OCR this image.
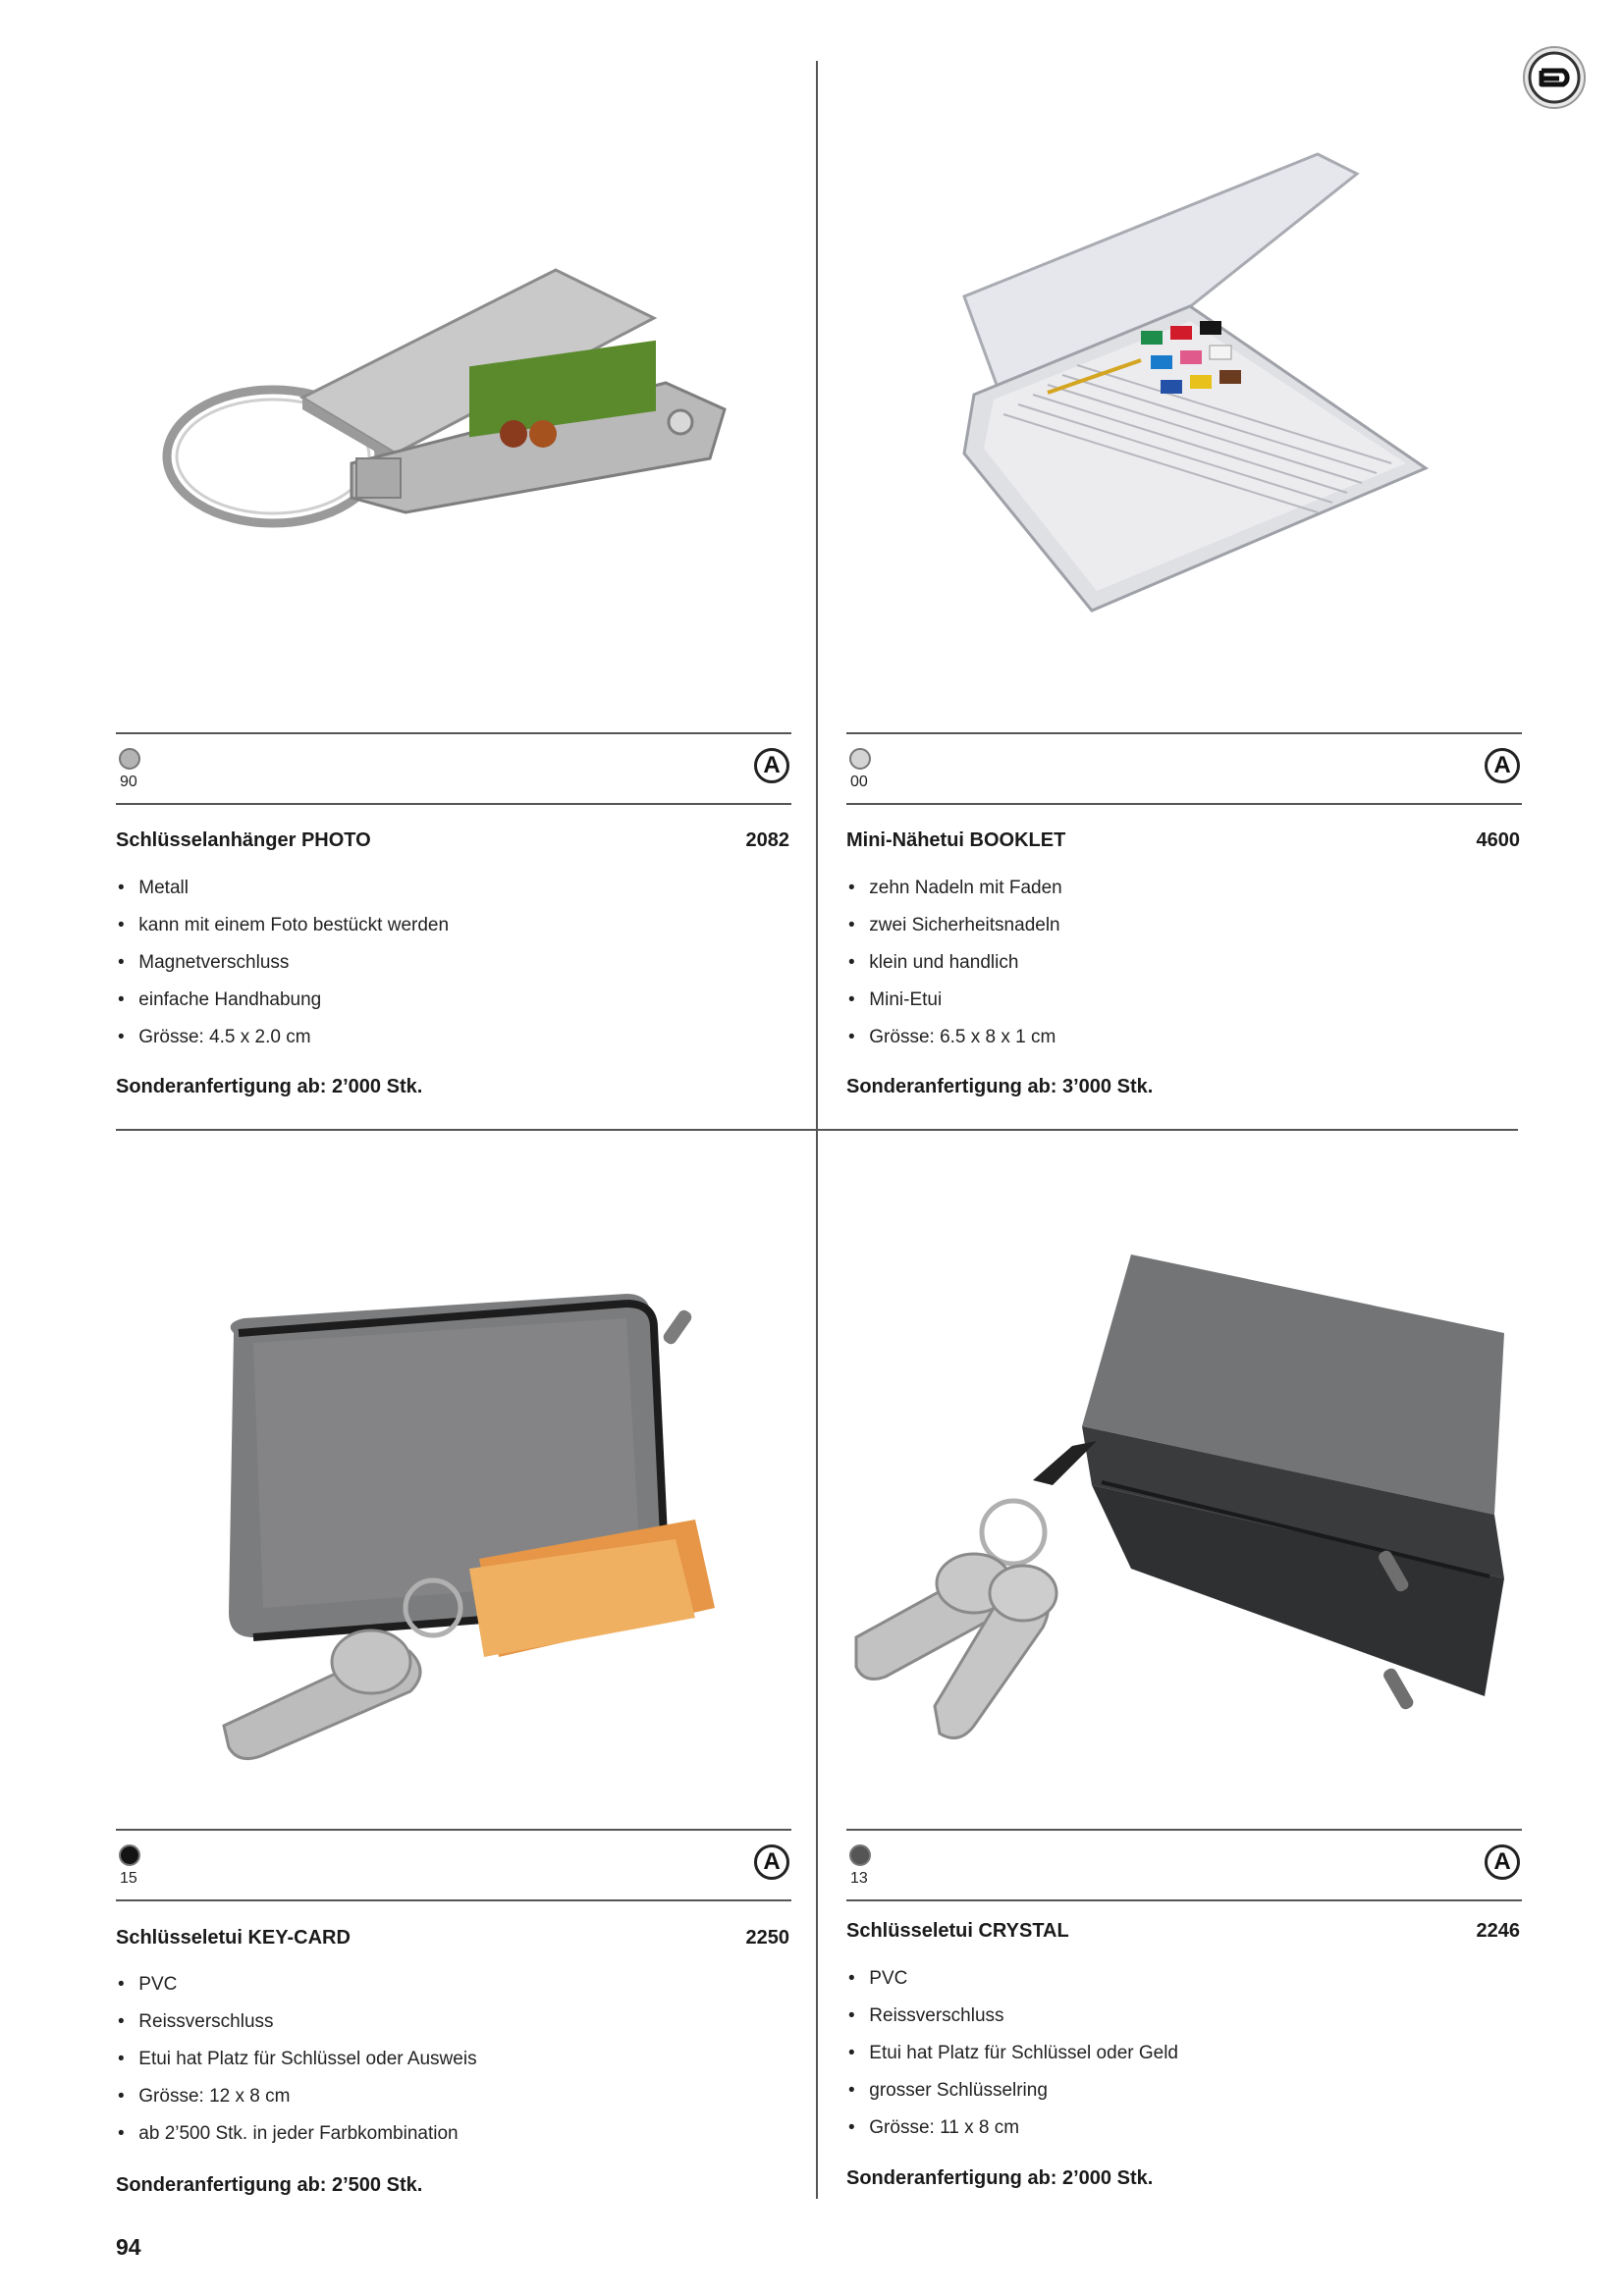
90
A
Schlüsselanhänger PHOTO	2082
• Metall
• kann mit einem Foto bestückt werden
• Magnetverschluss
• einfache Handhabung
• Grösse: 4.5 x 2.0 cm
Sonderanfertigung ab: 2’000 Stk.
00
A
Mini-Nähetui BOOKLET	4600
• zehn Nadeln mit Faden
• zwei Sicherheitsnadeln
• klein und handlich
• Mini-Etui
• Grösse: 6.5 x 8 x 1 cm
Sonderanfertigung ab: 3’000 Stk.
15
A
Schlüsseletui KEY-CARD	2250
• PVC
• Reissverschluss
• Etui hat Platz für Schlüssel oder Ausweis
• Grösse: 12 x 8 cm
• ab 2’500 Stk. in jeder Farbkombination
Sonderanfertigung ab: 2’500 Stk.
13
A
Schlüsseletui CRYSTAL	2246
• PVC
• Reissverschluss
• Etui hat Platz für Schlüssel oder Geld
• grosser Schlüsselring
• Grösse: 11 x 8 cm
Sonderanfertigung ab: 2’000 Stk.
94
